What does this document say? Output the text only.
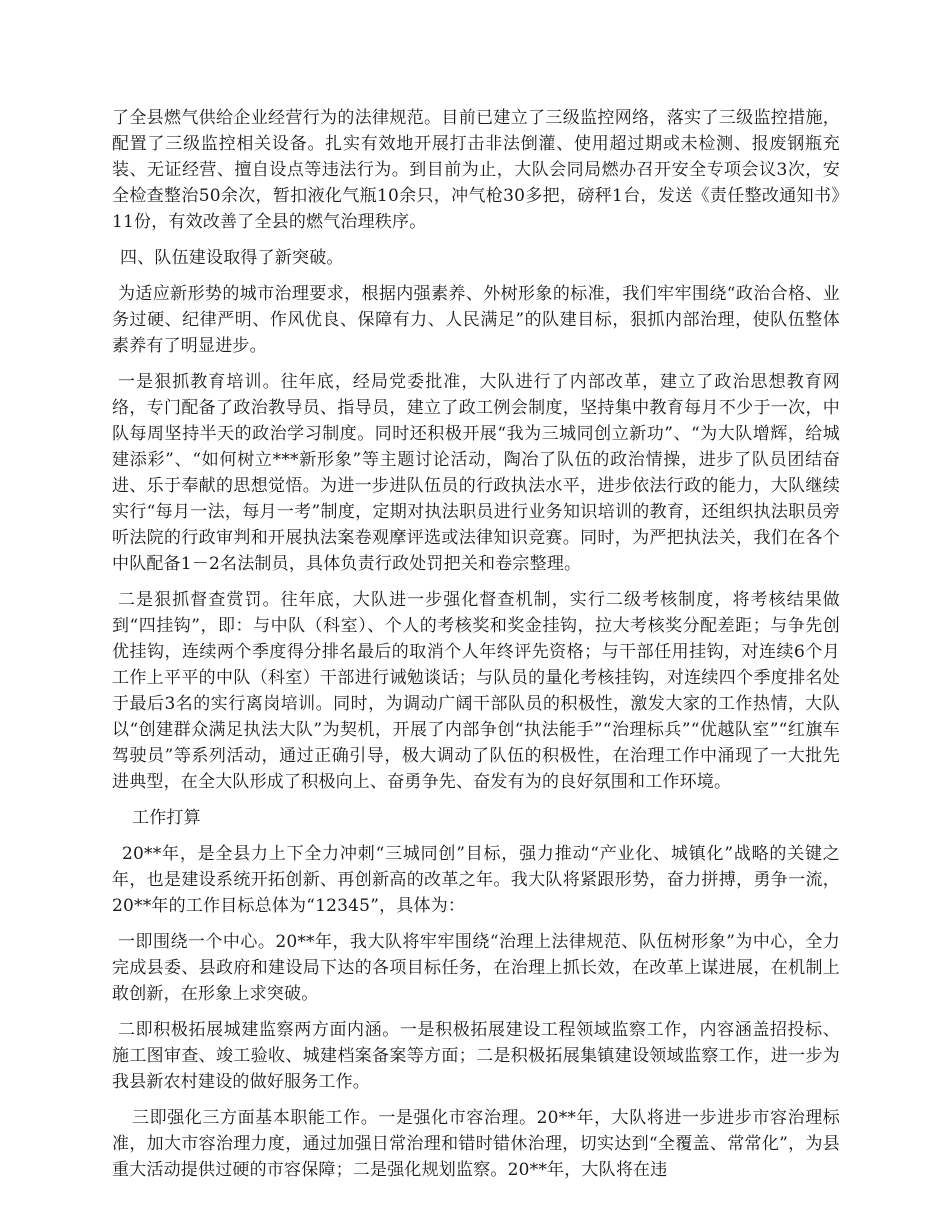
了全县燃气供给企业经营行为的法律规范。目前已建立了三级监控网络，落实了三级监控措施，配置了三级监控相关设备。扎实有效地开展打击非法倒灌、使用超过期或未检测、报废钢瓶充装、无证经营、擅自设点等违法行为。到目前为止，大队会同局燃办召开安全专项会议3次，安全检查整治50余次，暂扣液化气瓶10余只，冲气枪30多把，磅秤1台，发送《责任整改通知书》11份，有效改善了全县的燃气治理秩序。

四、队伍建设取得了新突破。

为适应新形势的城市治理要求，根据内强素养、外树形象的标准，我们牢牢围绕“政治合格、业务过硬、纪律严明、作风优良、保障有力、人民满足”的队建目标，狠抓内部治理，使队伍整体素养有了明显进步。

一是狠抓教育培训。往年底，经局党委批准，大队进行了内部改革，建立了政治思想教育网络，专门配备了政治教导员、指导员，建立了政工例会制度，坚持集中教育每月不少于一次，中队每周坚持半天的政治学习制度。同时还积极开展“我为三城同创立新功”、“为大队增辉，给城建添彩”、“如何树立***新形象”等主题讨论活动，陶冶了队伍的政治情操，进步了队员团结奋进、乐于奉献的思想觉悟。为进一步进队伍员的行政执法水平，进步依法行政的能力，大队继续实行“每月一法，每月一考”制度，定期对执法职员进行业务知识培训的教育，还组织执法职员旁听法院的行政审判和开展执法案卷观摩评选或法律知识竞赛。同时，为严把执法关，我们在各个中队配备1－2名法制员，具体负责行政处罚把关和卷宗整理。

二是狠抓督查赏罚。往年底，大队进一步强化督查机制，实行二级考核制度，将考核结果做到“四挂钩”，即：与中队（科室）、个人的考核奖和奖金挂钩，拉大考核奖分配差距；与争先创优挂钩，连续两个季度得分排名最后的取消个人年终评先资格；与干部任用挂钩，对连续6个月工作上平平的中队（科室）干部进行诫勉谈话；与队员的量化考核挂钩，对连续四个季度排名处于最后3名的实行离岗培训。同时，为调动广阔干部队员的积极性，激发大家的工作热情，大队以“创建群众满足执法大队”为契机，开展了内部争创“执法能手”“治理标兵”“优越队室”“红旗车驾驶员”等系列活动，通过正确引导，极大调动了队伍的积极性，在治理工作中涌现了一大批先进典型，在全大队形成了积极向上、奋勇争先、奋发有为的良好氛围和工作环境。

工作打算

20**年，是全县力上下全力冲刺“三城同创”目标，强力推动“产业化、城镇化”战略的关键之年，也是建设系统开拓创新、再创新高的改革之年。我大队将紧跟形势，奋力拼搏，勇争一流，20**年的工作目标总体为“12345”，具体为：

一即围绕一个中心。20**年，我大队将牢牢围绕“治理上法律规范、队伍树形象”为中心，全力完成县委、县政府和建设局下达的各项目标任务，在治理上抓长效，在改革上谋进展，在机制上敢创新，在形象上求突破。

二即积极拓展城建监察两方面内涵。一是积极拓展建设工程领域监察工作，内容涵盖招投标、施工图审查、竣工验收、城建档案备案等方面；二是积极拓展集镇建设领域监察工作，进一步为我县新农村建设的做好服务工作。

三即强化三方面基本职能工作。一是强化市容治理。20**年，大队将进一步进步市容治理标准，加大市容治理力度，通过加强日常治理和错时错休治理，切实达到“全覆盖、常常化”，为县重大活动提供过硬的市容保障；二是强化规划监察。20**年，大队将在违
